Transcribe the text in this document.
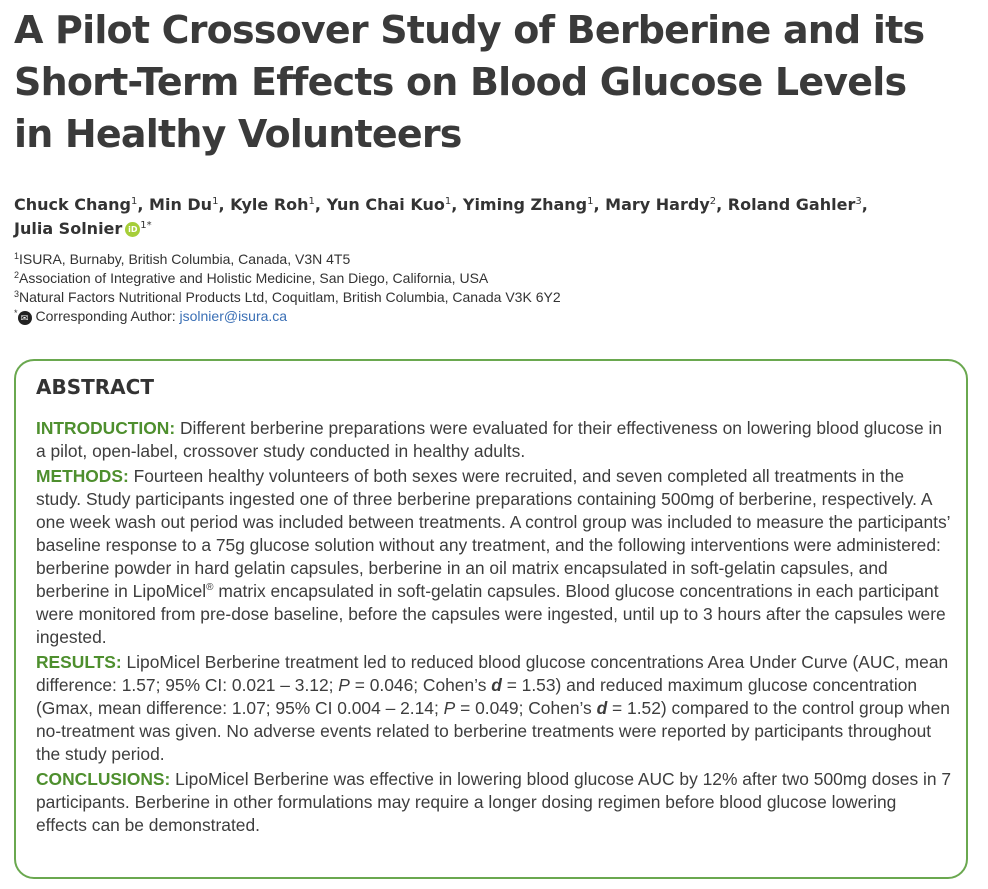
A Pilot Crossover Study of Berberine and its
Short-Term Effects on Blood Glucose Levels
in Healthy Volunteers
Chuck Chang$^1$, Min Du$^1$, Kyle Roh$^1$, Yun Chai Kuo$^1$, Yiming Zhang$^1$, Mary Hardy$^2$, Roland Gahler$^3$,
Julia Solnier iD $^{1*}$
$^1$ISURA, Burnaby, British Columbia, Canada, V3N 4T5
$^2$Association of Integrative and Holistic Medicine, San Diego, California, USA
$^3$Natural Factors Nutritional Products Ltd, Coquitlam, British Columbia, Canada V3K 6Y2
* ✉ Corresponding Author: jsolnier@isura.ca
ABSTRACT

INTRODUCTION: Different berberine preparations were evaluated for their effectiveness on lowering blood glucose in a pilot, open-label, crossover study conducted in healthy adults.

METHODS: Fourteen healthy volunteers of both sexes were recruited, and seven completed all treatments in the study. Study participants ingested one of three berberine preparations containing 500mg of berberine, respectively. A one week wash out period was included between treatments. A control group was included to measure the participants’ baseline response to a 75g glucose solution without any treatment, and the following interventions were administered: berberine powder in hard gelatin capsules, berberine in an oil matrix encapsulated in soft-gelatin capsules, and berberine in LipoMicel® matrix encapsulated in soft-gelatin capsules. Blood glucose concentrations in each participant were monitored from pre-dose baseline, before the capsules were ingested, until up to 3 hours after the capsules were ingested.

RESULTS: LipoMicel Berberine treatment led to reduced blood glucose concentrations Area Under Curve (AUC, mean difference: 1.57; 95% CI: 0.021 – 3.12; P = 0.046; Cohen’s d = 1.53) and reduced maximum glucose concentration (Gmax, mean difference: 1.07; 95% CI 0.004 – 2.14; P = 0.049; Cohen’s d = 1.52) compared to the control group when no-treatment was given. No adverse events related to berberine treatments were reported by participants throughout the study period.

CONCLUSIONS: LipoMicel Berberine was effective in lowering blood glucose AUC by 12% after two 500mg doses in 7 participants. Berberine in other formulations may require a longer dosing regimen before blood glucose lowering effects can be demonstrated.
